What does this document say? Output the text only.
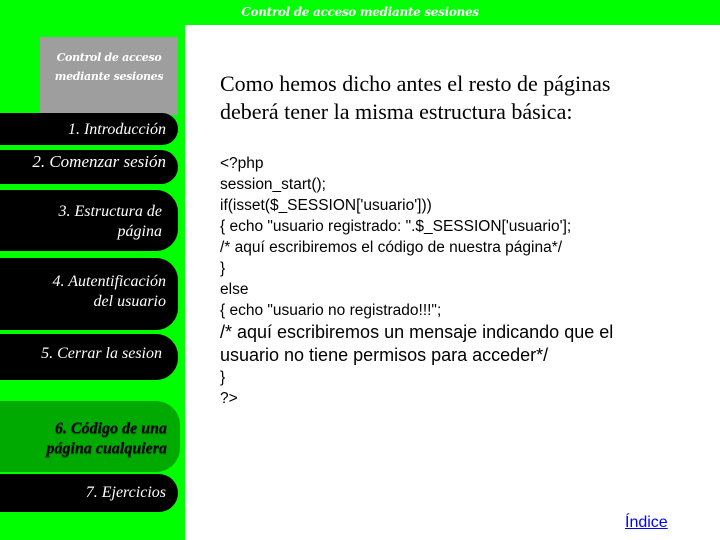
Control de acceso mediante sesiones
Control de acceso
mediante sesiones
1. Introducción
2. Comenzar sesión
3. Estructura de
página
4. Autentificación
del usuario
5. Cerrar la sesion
6. Código de una
página cualquiera
7. Ejercicios
Como hemos dicho antes el resto de páginas
deberá tener la misma estructura básica:
<?php
session_start();
if(isset($_SESSION['usuario']))
{ echo "usuario registrado: ".$_SESSION['usuario'];
/* aquí escribiremos el código de nuestra página*/
}
else
{ echo "usuario no registrado!!!";
/* aquí escribiremos un mensaje indicando que el
usuario no tiene permisos para acceder*/
}
?>
Índice
